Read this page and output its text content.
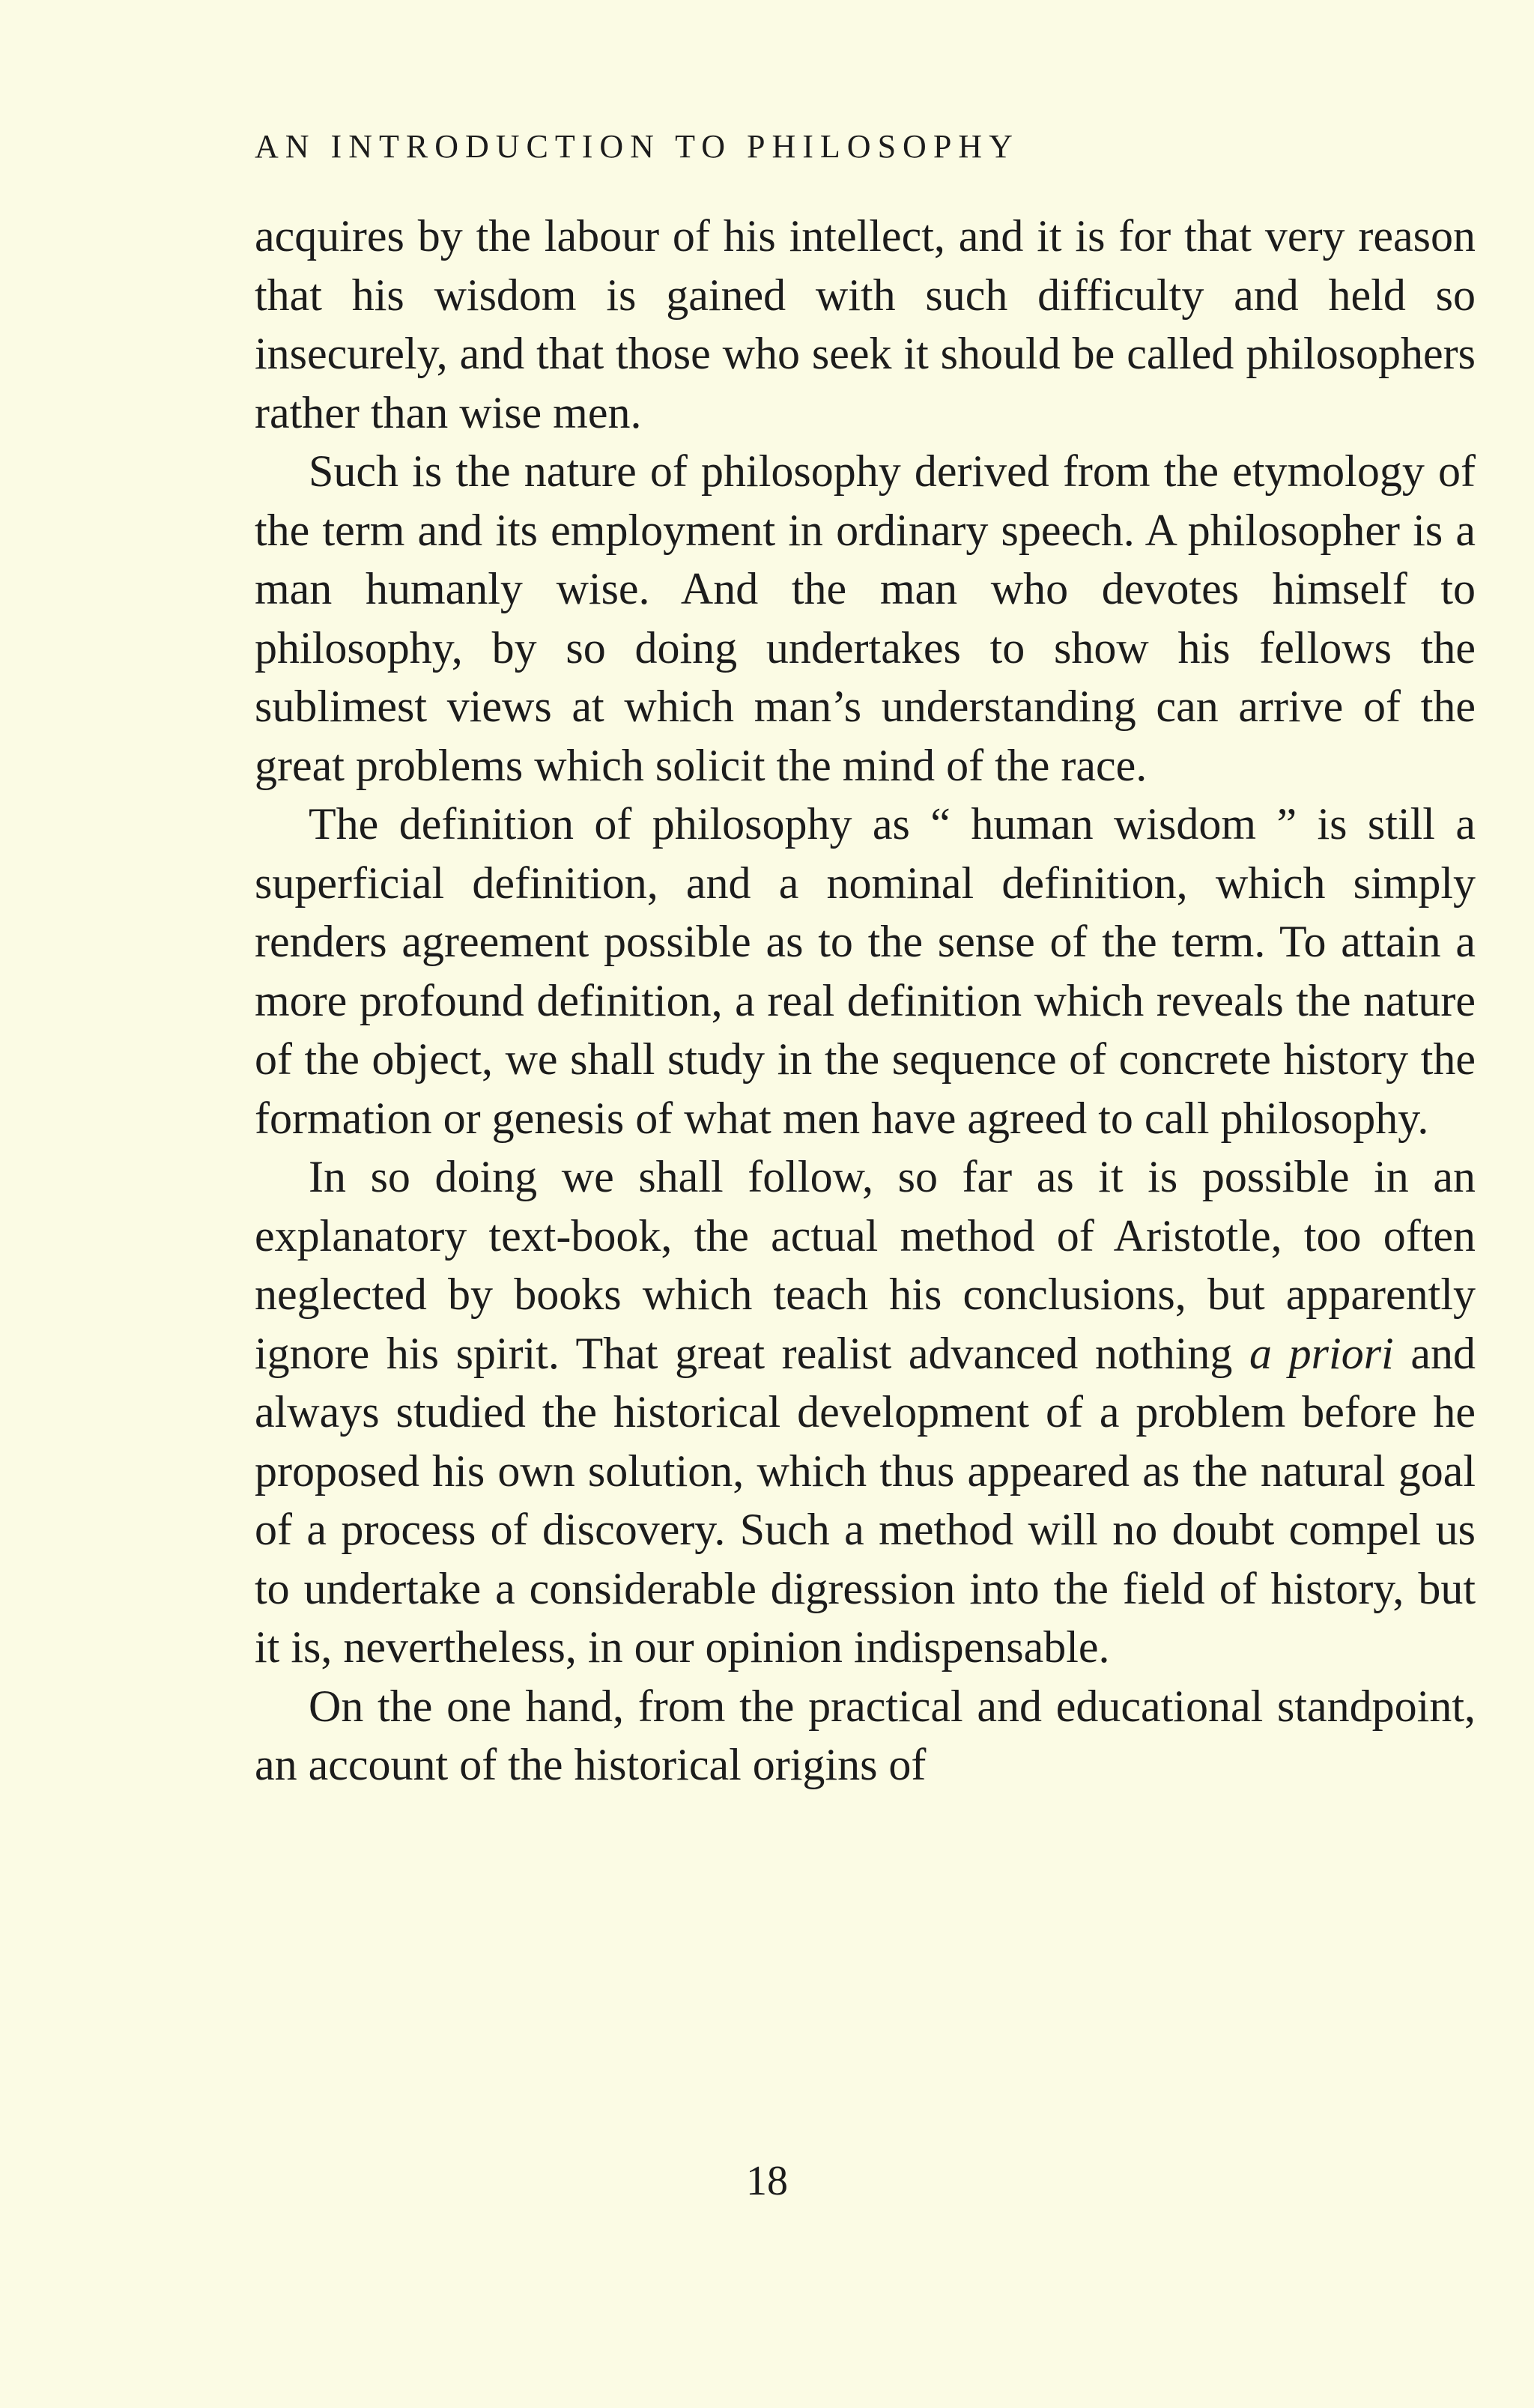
AN INTRODUCTION TO PHILOSOPHY

acquires by the labour of his intellect, and it is for that very reason that his wisdom is gained with such difficulty and held so insecurely, and that those who seek it should be called philosophers rather than wise men.

Such is the nature of philosophy derived from the etymology of the term and its employment in ordinary speech. A philosopher is a man humanly wise. And the man who devotes himself to philosophy, by so doing undertakes to show his fellows the sublimest views at which man’s understanding can arrive of the great problems which solicit the mind of the race.

The definition of philosophy as “ human wisdom ” is still a superficial definition, and a nominal definition, which simply renders agreement possible as to the sense of the term. To attain a more profound definition, a real definition which reveals the nature of the object, we shall study in the sequence of concrete history the formation or genesis of what men have agreed to call philosophy.

In so doing we shall follow, so far as it is possible in an explanatory text-book, the actual method of Aristotle, too often neglected by books which teach his conclusions, but apparently ignore his spirit. That great realist advanced nothing a priori and always studied the historical development of a problem before he proposed his own solution, which thus appeared as the natural goal of a process of discovery. Such a method will no doubt compel us to undertake a considerable digression into the field of history, but it is, nevertheless, in our opinion indispensable.

On the one hand, from the practical and educational standpoint, an account of the historical origins of

18
